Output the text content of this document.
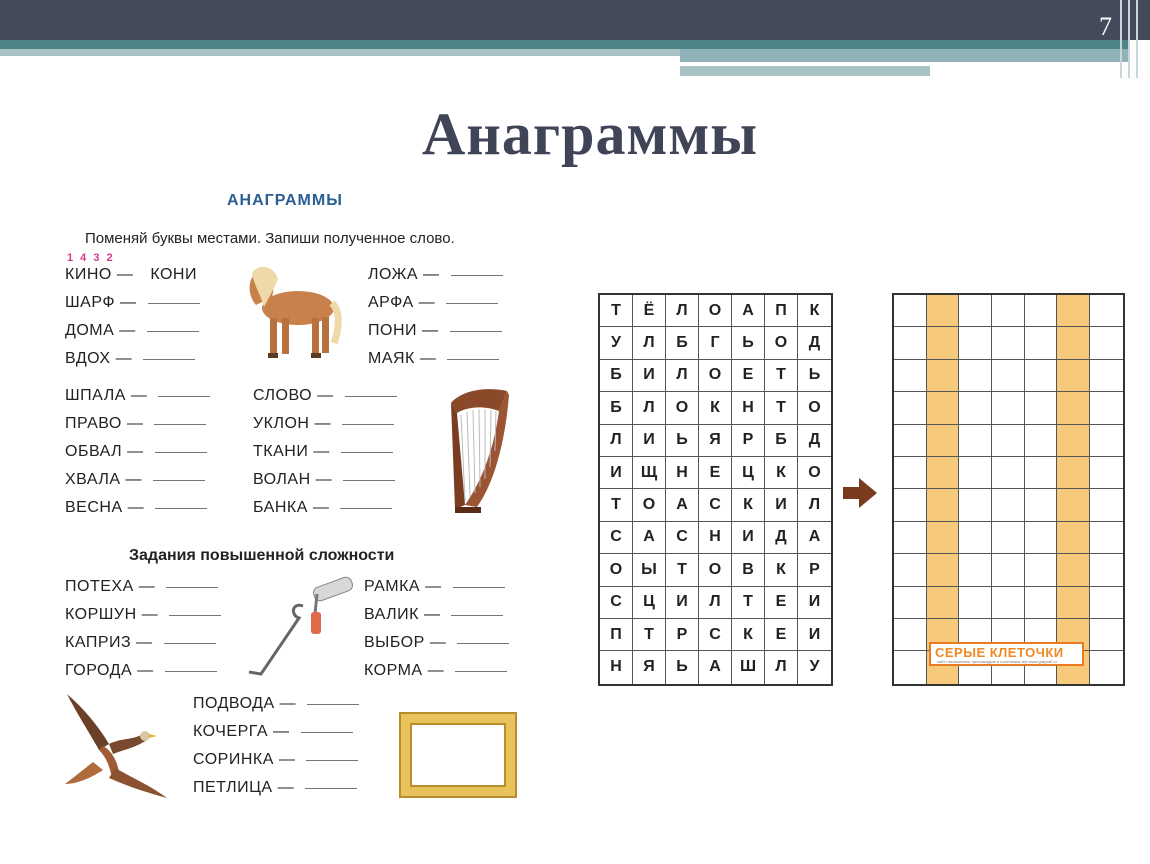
7
Анаграммы
АНАГРАММЫ
Поменяй буквы местами. Запиши полученное слово.
1 4 3 2
КИНО — КОНИ
ШАРФ —
ДОМА —
ВДОХ —
ЛОЖА —
АРФА —
ПОНИ —
МАЯК —
ШПАЛА —
ПРАВО —
ОБВАЛ —
ХВАЛА —
ВЕСНА —
СЛОВО —
УКЛОН —
ТКАНИ —
ВОЛАН —
БАНКА —
Задания повышенной сложности
ПОТЕХА —
КОРШУН —
КАПРИЗ —
ГОРОДА —
РАМКА —
ВАЛИК —
ВЫБОР —
КОРМА —
ПОДВОДА —
КОЧЕРГА —
СОРИНКА —
ПЕТЛИЦА —
Т	Ё	Л	О	А	П	К
У	Л	Б	Г	Ь	О	Д
Б	И	Л	О	Е	Т	Ь
Б	Л	О	К	Н	Т	О
Л	И	Ь	Я	Р	Б	Д
И	Щ	Н	Е	Ц	К	О
Т	О	А	С	К	И	Л
С	А	С	Н	И	Д	А
О	Ы	Т	О	В	К	Р
С	Ц	И	Л	Т	Е	И
П	Т	Р	С	К	Е	И
Н	Я	Ь	А	Ш	Л	У
СЕРЫЕ КЛЕТОЧКИ
сайт головоломок, кроссвордов и логических игр www.graycell.ru
